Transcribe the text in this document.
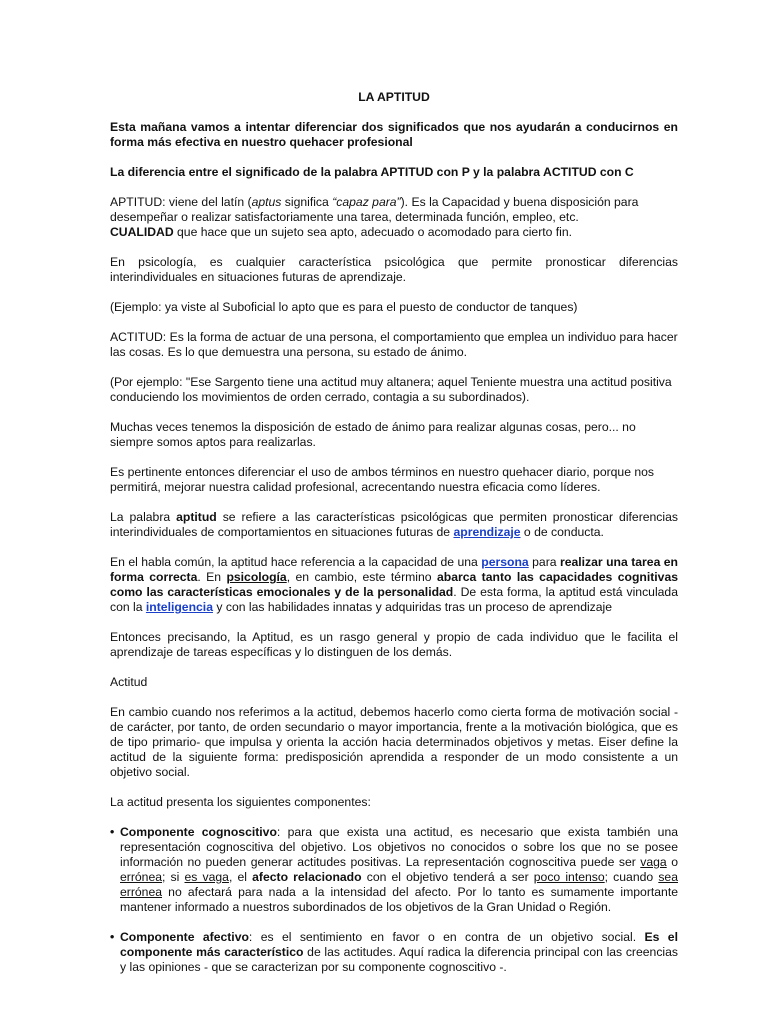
LA APTITUD

Esta mañana vamos a intentar diferenciar dos significados que nos ayudarán a conducirnos en forma más efectiva en nuestro quehacer profesional

La diferencia entre el significado de la palabra APTITUD con P y la palabra ACTITUD con C

APTITUD: viene del latín (aptus significa “capaz para”). Es la Capacidad y buena disposición para desempeñar o realizar satisfactoriamente una tarea, determinada función, empleo, etc.
CUALIDAD que hace que un sujeto sea apto, adecuado o acomodado para cierto fin.

En psicología, es cualquier característica psicológica que permite pronosticar diferencias interindividuales en situaciones futuras de aprendizaje.

(Ejemplo: ya viste al Suboficial lo apto que es para el puesto de conductor de tanques)

ACTITUD: Es la forma de actuar de una persona, el comportamiento que emplea un individuo para hacer las cosas. Es lo que demuestra una persona, su estado de ánimo.

(Por ejemplo: "Ese Sargento tiene una actitud muy altanera; aquel Teniente muestra una actitud positiva conduciendo los movimientos de orden cerrado, contagia a su subordinados).

Muchas veces tenemos la disposición de estado de ánimo para realizar algunas cosas, pero... no siempre somos aptos para realizarlas.

Es pertinente entonces diferenciar el uso de ambos términos en nuestro quehacer diario, porque nos permitirá, mejorar nuestra calidad profesional, acrecentando nuestra eficacia como líderes.

La palabra aptitud se refiere a las características psicológicas que permiten pronosticar diferencias interindividuales de comportamientos en situaciones futuras de aprendizaje o de conducta.

En el habla común, la aptitud hace referencia a la capacidad de una persona para realizar una tarea en forma correcta. En psicología, en cambio, este término abarca tanto las capacidades cognitivas como las características emocionales y de la personalidad. De esta forma, la aptitud está vinculada con la inteligencia y con las habilidades innatas y adquiridas tras un proceso de aprendizaje

Entonces precisando, la Aptitud, es un rasgo general y propio de cada individuo que le facilita el aprendizaje de tareas específicas y lo distinguen de los demás.

Actitud

En cambio cuando nos referimos a la actitud, debemos hacerlo como cierta forma de motivación social -de carácter, por tanto, de orden secundario o mayor importancia, frente a la motivación biológica, que es de tipo primario- que impulsa y orienta la acción hacia determinados objetivos y metas. Eiser define la actitud de la siguiente forma: predisposición aprendida a responder de un modo consistente a un objetivo social.

La actitud presenta los siguientes componentes:

• Componente cognoscitivo: para que exista una actitud, es necesario que exista también una representación cognoscitiva del objetivo. Los objetivos no conocidos o sobre los que no se posee información no pueden generar actitudes positivas. La representación cognoscitiva puede ser vaga o errónea; si es vaga, el afecto relacionado con el objetivo tenderá a ser poco intenso; cuando sea errónea no afectará para nada a la intensidad del afecto. Por lo tanto es sumamente importante mantener informado a nuestros subordinados de los objetivos de la Gran Unidad o Región.
• Componente afectivo: es el sentimiento en favor o en contra de un objetivo social. Es el componente más característico de las actitudes. Aquí radica la diferencia principal con las creencias y las opiniones - que se caracterizan por su componente cognoscitivo -.
